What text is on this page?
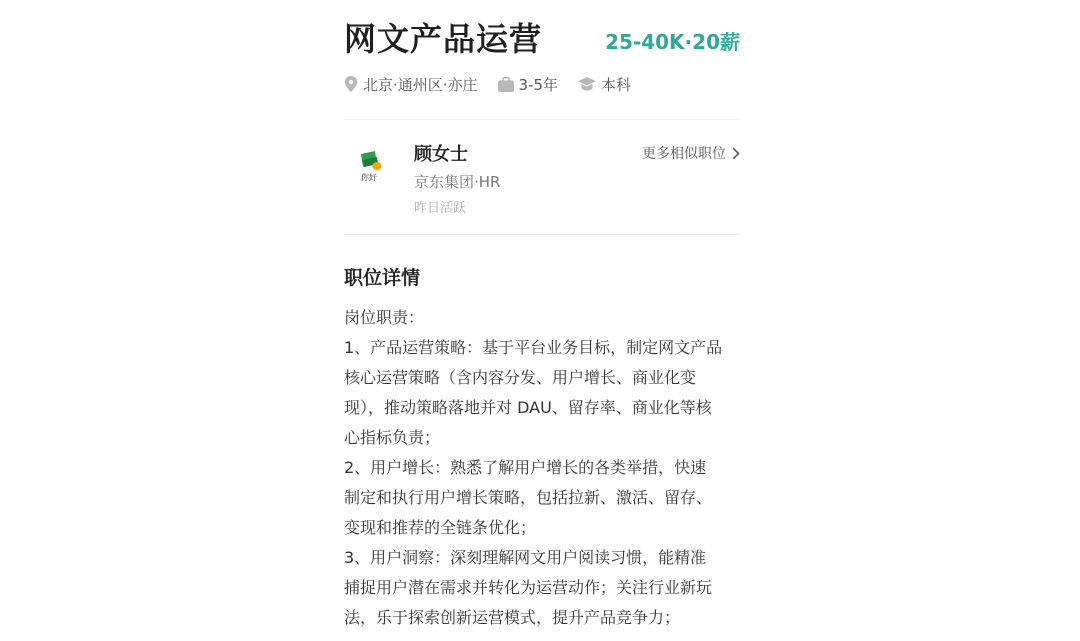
网文产品运营	25-40K·20薪
北京·通州区·亦庄	3-5年	本科
你好
顾女士
京东集团·HR
昨日活跃
更多相似职位
职位详情
岗位职责：
1、产品运营策略：基于平台业务目标，制定网文产品
核心运营策略（含内容分发、用户增长、商业化变
现），推动策略落地并对 DAU、留存率、商业化等核
心指标负责；
2、用户增长：熟悉了解用户增长的各类举措，快速
制定和执行用户增长策略，包括拉新、激活、留存、
变现和推荐的全链条优化；
3、用户洞察：深刻理解网文用户阅读习惯，能精准
捕捉用户潜在需求并转化为运营动作；关注行业新玩
法，乐于探索创新运营模式，提升产品竞争力；
